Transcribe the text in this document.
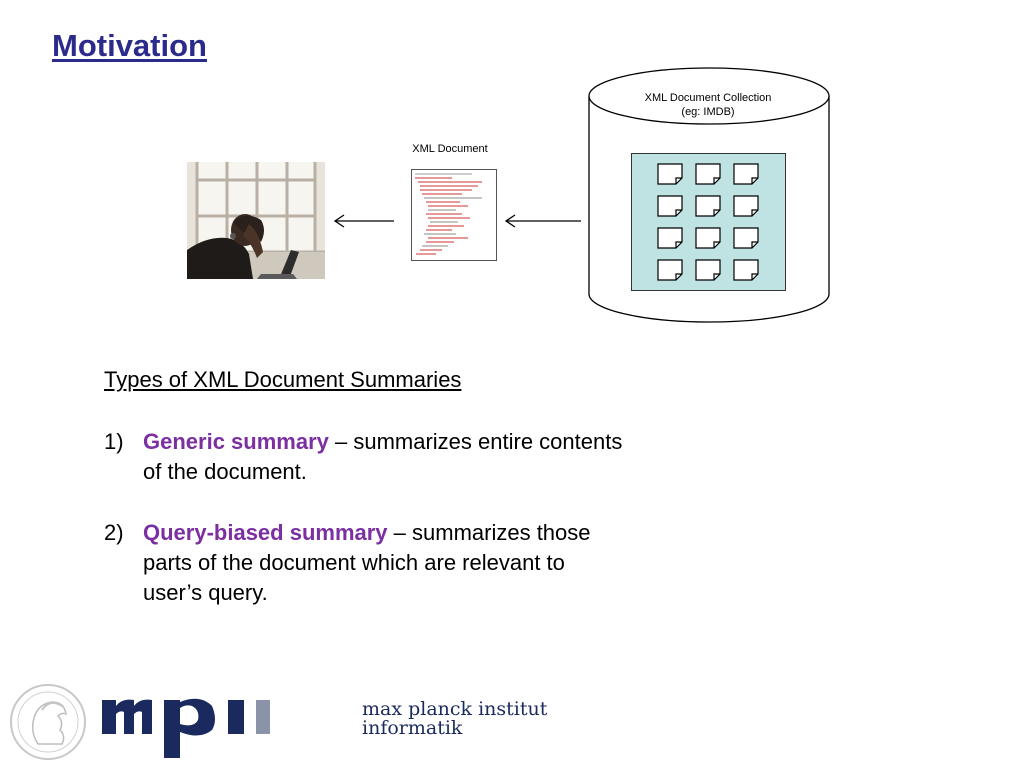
Motivation
XML Document
XML Document Collection
(eg: IMDB)
Types of XML Document Summaries
1) Generic summary – summarizes entire contents of the document.
2) Query-biased summary – summarizes those parts of the document which are relevant to user’s query.
max planck institut
informatik
